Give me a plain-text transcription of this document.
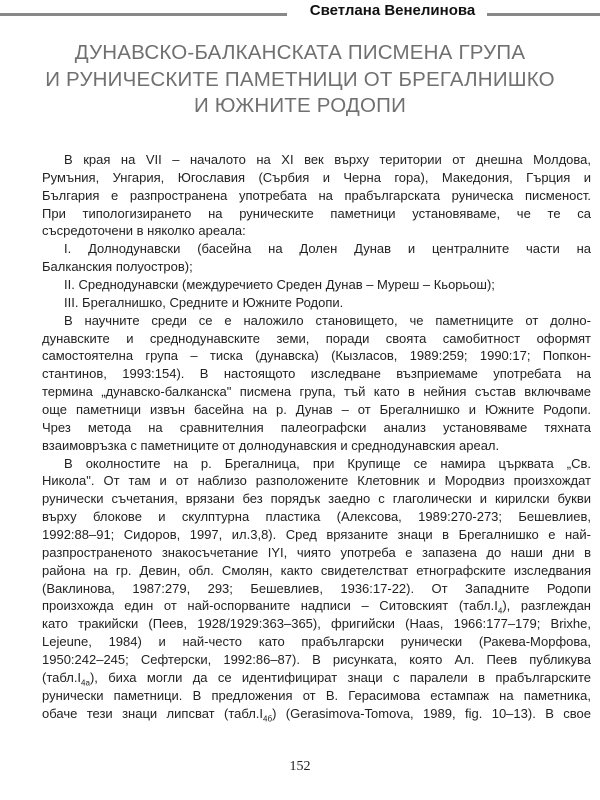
Светлана Венелинова
ДУНАВСКО-БАЛКАНСКАТА ПИСМЕНА ГРУПА
И РУНИЧЕСКИТЕ ПАМЕТНИЦИ ОТ БРЕГАЛНИШКО
И ЮЖНИТЕ РОДОПИ
В края на VII – началото на XI век върху територии от днешна Молдова,
Румъния, Унгария, Югославия (Сърбия и Черна гора), Македония, Гърция и
България е разпространена употребата на прабългарската руническа писменост.
При типологизирането на руническите паметници установяваме, че те са
съсредоточени в няколко ареала:
I. Долнодунавски (басейна на Долен Дунав и централните части на
Балканския полуостров);
II. Среднодунавски (междуречието Среден Дунав – Муреш – Кьорьош);
III. Брегалнишко, Средните и Южните Родопи.
В научните среди се е наложило становището, че паметниците от долно-
дунавските и среднодунавските земи, поради своята самобитност оформят
самостоятелна група – тиска (дунавска) (Кызласов, 1989:259; 1990:17; Попкон-
стантинов, 1993:154). В настоящото изследване възприемаме употребата на
термина „дунавско-балканска" писмена група, тъй като в нейния състав включваме
още паметници извън басейна на р. Дунав – от Брегалнишко и Южните Родопи.
Чрез метода на сравнителния палеографски анализ установяваме тяхната
взаимовръзка с паметниците от долнодунавския и среднодунавския ареал.
В околностите на р. Брегалница, при Крупище се намира църквата „Св.
Никола". От там и от наблизо разположените Клетовник и Мородвиз произхождат
рунически съчетания, врязани без порядък заедно с глаголически и кирилски букви
върху блокове и скулптурна пластика (Алексова, 1989:270-273; Бешевлиев,
1992:88–91; Сидоров, 1997, ил.3,8). Сред врязаните знаци в Брегалнишко е най-
разпространеното знакосъчетание IYI, чиято употреба е запазена до наши дни в
района на гр. Девин, обл. Смолян, както свидетелстват етнографските изследвания
(Ваклинова, 1987:279, 293; Бешевлиев, 1936:17-22). От Западните Родопи
произхожда един от най-оспорваните надписи – Ситовският $(табл.I_4)$, разглеждан
като тракийски (Пеев, 1928/1929:363–365), фригийски (Haas, 1966:177–179; Brixhe,
Lejeune, 1984) и най-често като прабългарски рунически (Ракева-Морфова,
1950:242–245; Сефтерски, 1992:86–87). В рисунката, която Ал. Пеев публикува
$(табл.I_{4а})$, биха могли да се идентифицират знаци с паралели в прабългарските
рунически паметници. В предложения от В. Герасимова естампаж на паметника,
обаче тези знаци липсват $(табл.I_{4б})$ (Gerasimova-Tomova, 1989, fig. 10–13). В свое
152
